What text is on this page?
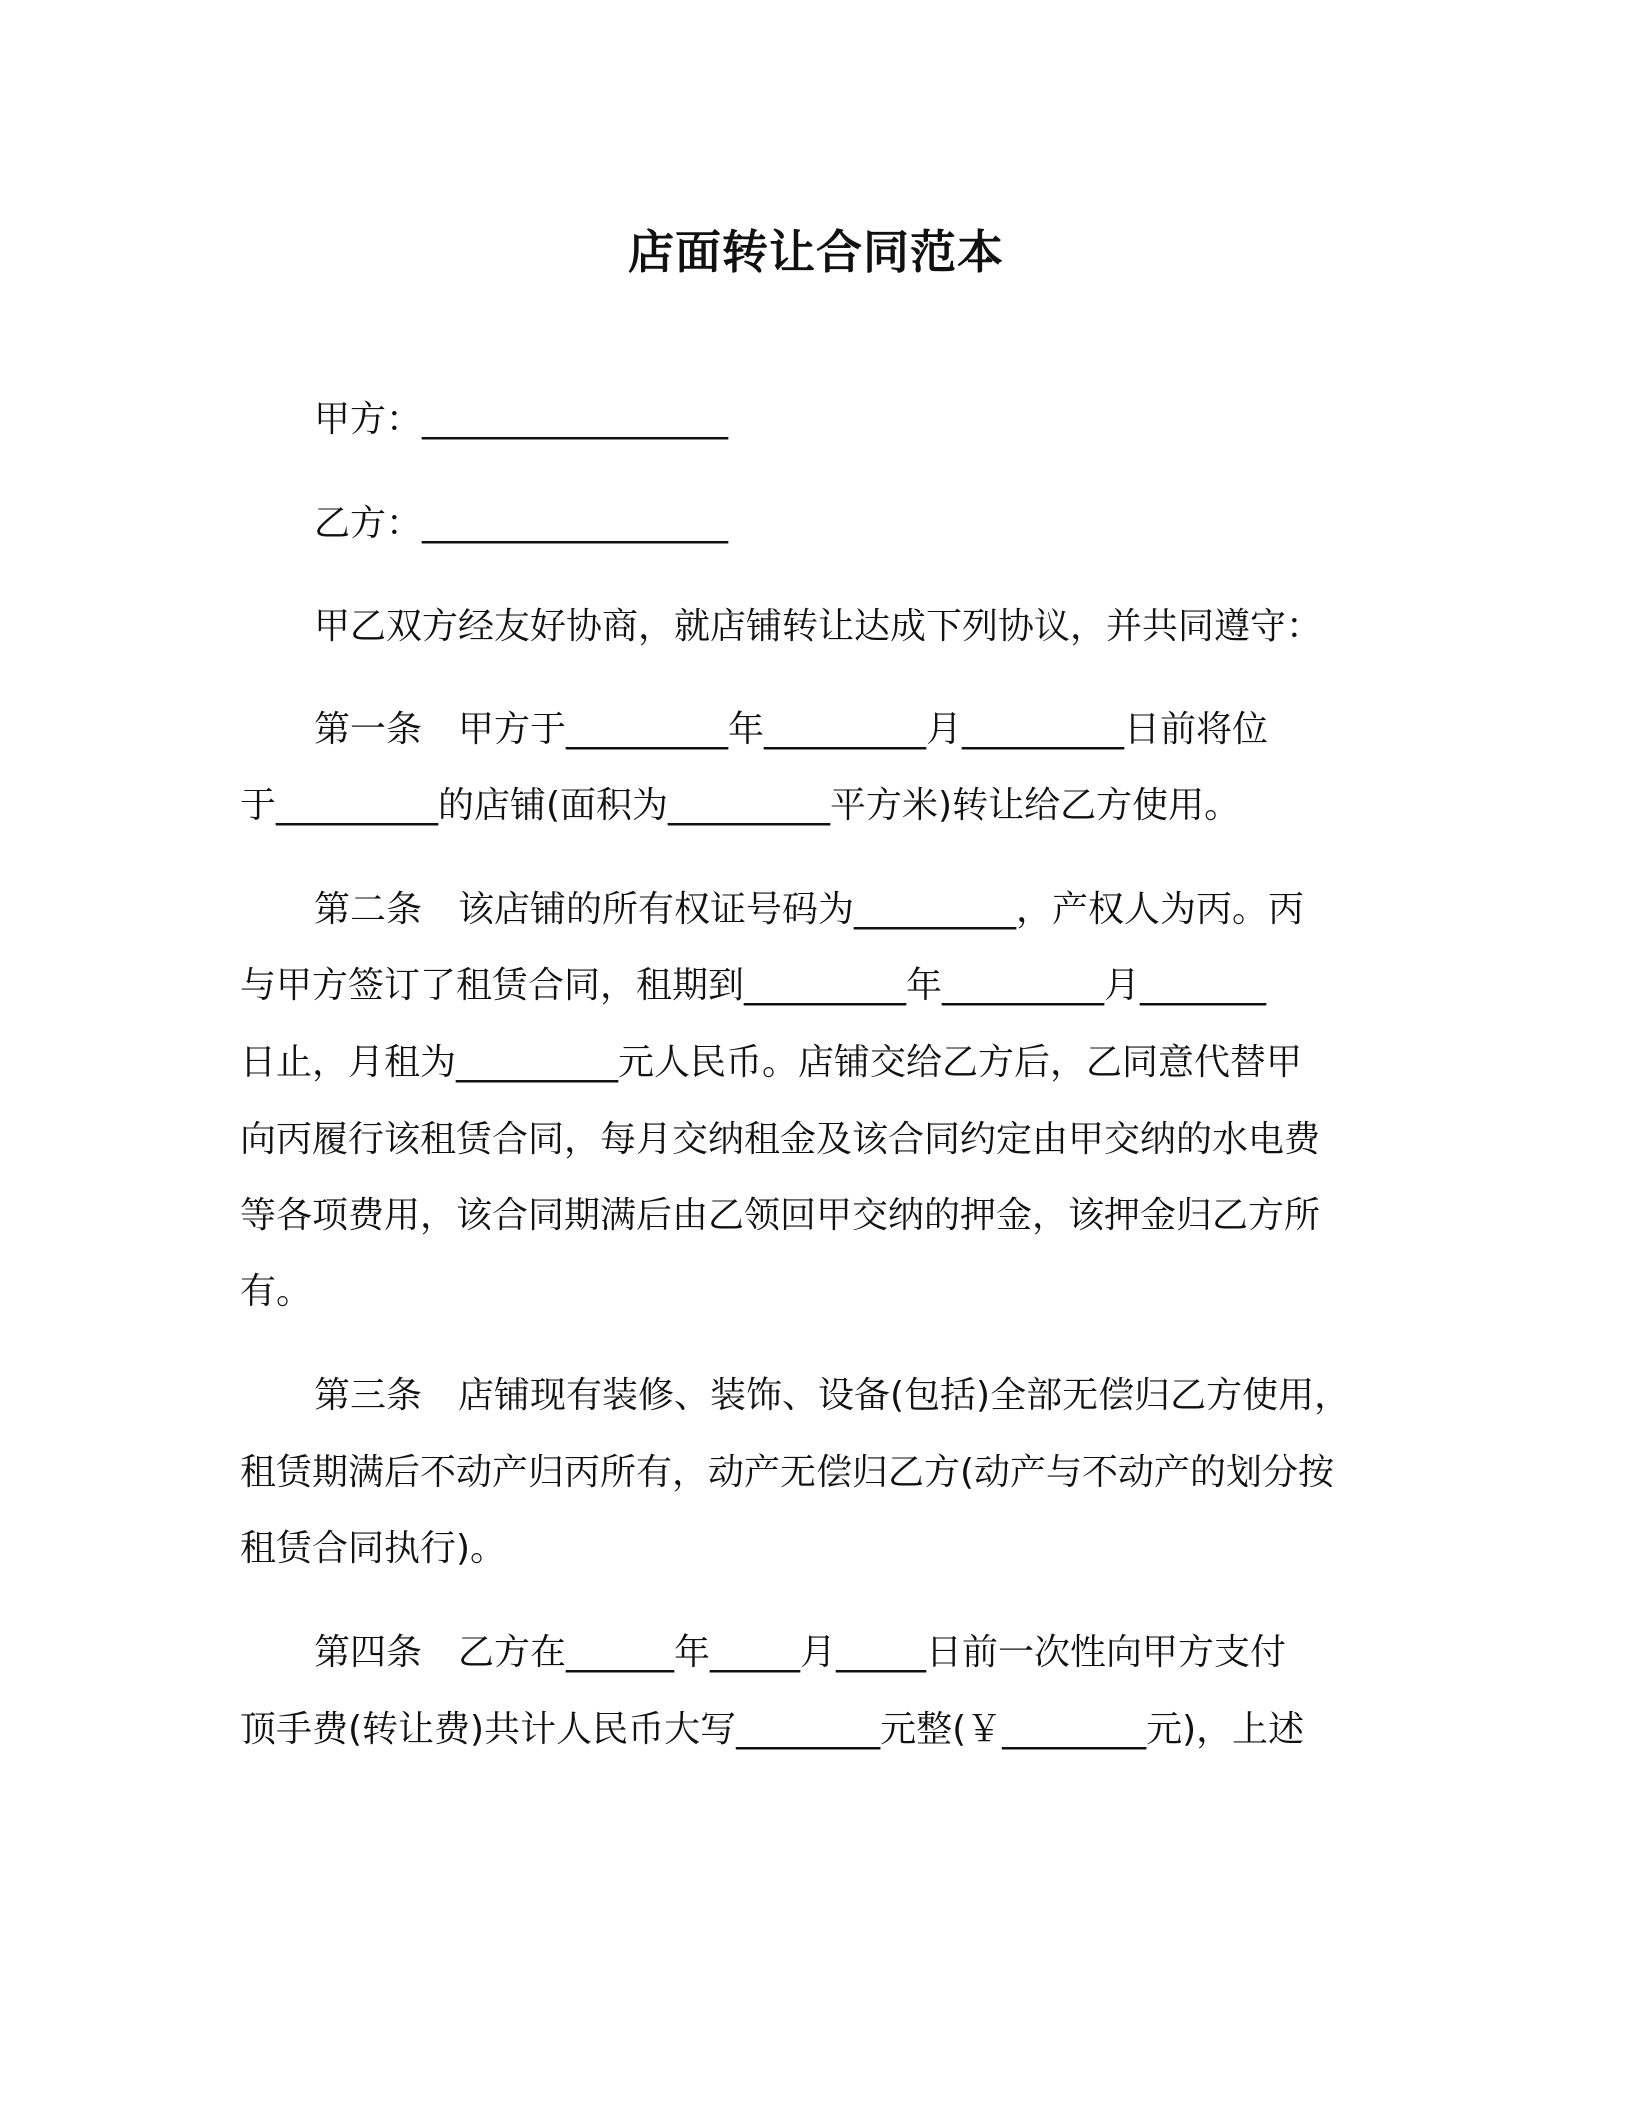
店面转让合同范本
甲方：_________________
乙方：_________________
甲乙双方经友好协商，就店铺转让达成下列协议，并共同遵守：
第一条　甲方于_________年_________月_________日前将位
于_________的店铺(面积为_________平方米)转让给乙方使用。
第二条　该店铺的所有权证号码为_________，产权人为丙。丙
与甲方签订了租赁合同，租期到_________年_________月_______
日止，月租为_________元人民币。店铺交给乙方后，乙同意代替甲
向丙履行该租赁合同，每月交纳租金及该合同约定由甲交纳的水电费
等各项费用，该合同期满后由乙领回甲交纳的押金，该押金归乙方所
有。
第三条　店铺现有装修、装饰、设备(包括)全部无偿归乙方使用，
租赁期满后不动产归丙所有，动产无偿归乙方(动产与不动产的划分按
租赁合同执行)。
第四条　乙方在______年_____月_____日前一次性向甲方支付
顶手费(转让费)共计人民币大写________元整(￥________元)，上述
